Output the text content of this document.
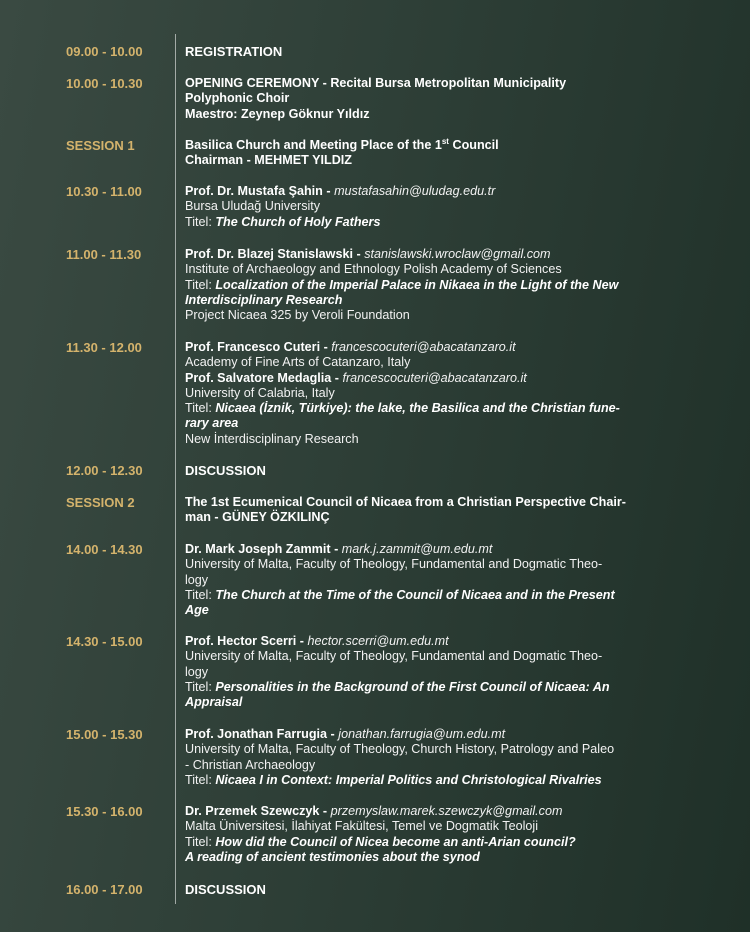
09.00 - 10.00	REGISTRATION
10.00 - 10.30	OPENING CEREMONY - Recital Bursa Metropolitan Municipality
Polyphonic Choir
Maestro: Zeynep Göknur Yıldız
SESSION 1	Basilica Church and Meeting Place of the 1st Council
Chairman - MEHMET YILDIZ
10.30 - 11.00	Prof. Dr. Mustafa Şahin - mustafasahin@uludag.edu.tr
Bursa Uludağ University
Titel: The Church of Holy Fathers
11.00 - 11.30	Prof. Dr. Blazej Stanislawski - stanislawski.wroclaw@gmail.com
Institute of Archaeology and Ethnology Polish Academy of Sciences
Titel: Localization of the Imperial Palace in Nikaea in the Light of the New
Interdisciplinary Research
Project Nicaea 325 by Veroli Foundation
11.30 - 12.00	Prof. Francesco Cuteri - francescocuteri@abacatanzaro.it
Academy of Fine Arts of Catanzaro, Italy
Prof. Salvatore Medaglia - francescocuteri@abacatanzaro.it
University of Calabria, Italy
Titel: Nicaea (İznik, Türkiye): the lake, the Basilica and the Christian fune-
rary area
New İnterdisciplinary Research
12.00 - 12.30	DISCUSSION
SESSION 2	The 1st Ecumenical Council of Nicaea from a Christian Perspective Chair-
man - GÜNEY ÖZKILINÇ
14.00 - 14.30	Dr. Mark Joseph Zammit - mark.j.zammit@um.edu.mt
University of Malta, Faculty of Theology, Fundamental and Dogmatic Theo-
logy
Titel: The Church at the Time of the Council of Nicaea and in the Present
Age
14.30 - 15.00	Prof. Hector Scerri - hector.scerri@um.edu.mt
University of Malta, Faculty of Theology, Fundamental and Dogmatic Theo-
logy
Titel: Personalities in the Background of the First Council of Nicaea: An
Appraisal
15.00 - 15.30	Prof. Jonathan Farrugia - jonathan.farrugia@um.edu.mt
University of Malta, Faculty of Theology, Church History, Patrology and Paleo
- Christian Archaeology
Titel: Nicaea I in Context: Imperial Politics and Christological Rivalries
15.30 - 16.00	Dr. Przemek Szewczyk - przemyslaw.marek.szewczyk@gmail.com
Malta Üniversitesi, İlahiyat Fakültesi, Temel ve Dogmatik Teoloji
Titel: How did the Council of Nicea become an anti-Arian council?
A reading of ancient testimonies about the synod
16.00 - 17.00	DISCUSSION
